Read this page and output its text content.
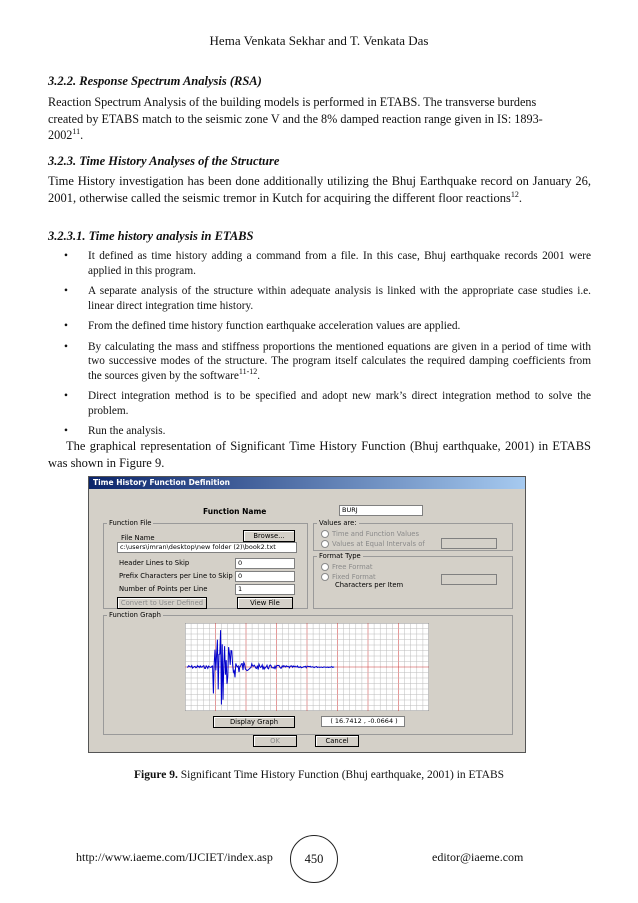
Hema Venkata Sekhar and T. Venkata Das
3.2.2. Response Spectrum Analysis (RSA)
Reaction Spectrum Analysis of the building models is performed in ETABS. The transverse burdens
created by ETABS match to the seismic zone V and the 8% damped reaction range given in IS: 1893-
2002$^{11}$.
3.2.3. Time History Analyses of the Structure
Time History investigation has been done additionally utilizing the Bhuj Earthquake record on January 26, 2001, otherwise called the seismic tremor in Kutch for acquiring the different floor reactions$^{12}$.
3.2.3.1. Time history analysis in ETABS
• It defined as time history adding a command from a file. In this case, Bhuj earthquake records 2001 were applied in this program.
• A separate analysis of the structure within adequate analysis is linked with the appropriate case studies i.e. linear direct integration time history.
• From the defined time history function earthquake acceleration values are applied.
• By calculating the mass and stiffness proportions the mentioned equations are given in a period of time with two successive modes of the structure. The program itself calculates the required damping coefficients from the sources given by the software$^{11-12}$.
• Direct integration method is to be specified and adopt new mark’s direct integration method to solve the problem.
• Run the analysis.
The graphical representation of Significant Time History Function (Bhuj earthquake, 2001) in ETABS was shown in Figure 9.
Time History Function Definition
Function Name	BURJ
Function File
File Name	Browse...
c:\users\imran\desktop\new folder (2)\book2.txt
Header Lines to Skip	0
Prefix Characters per Line to Skip 0
Number of Points per Line	1
Convert to User Defined	View File
Values are:
Time and Function Values
Values at Equal Intervals of
Format Type
Free Format
Fixed Format
Characters per Item
Function Graph
Display Graph	( 16.7412 , -0.0664 )
OK	Cancel
Figure 9. Significant Time History Function (Bhuj earthquake, 2001) in ETABS
http://www.iaeme.com/IJCIET/index.asp	450	editor@iaeme.com
